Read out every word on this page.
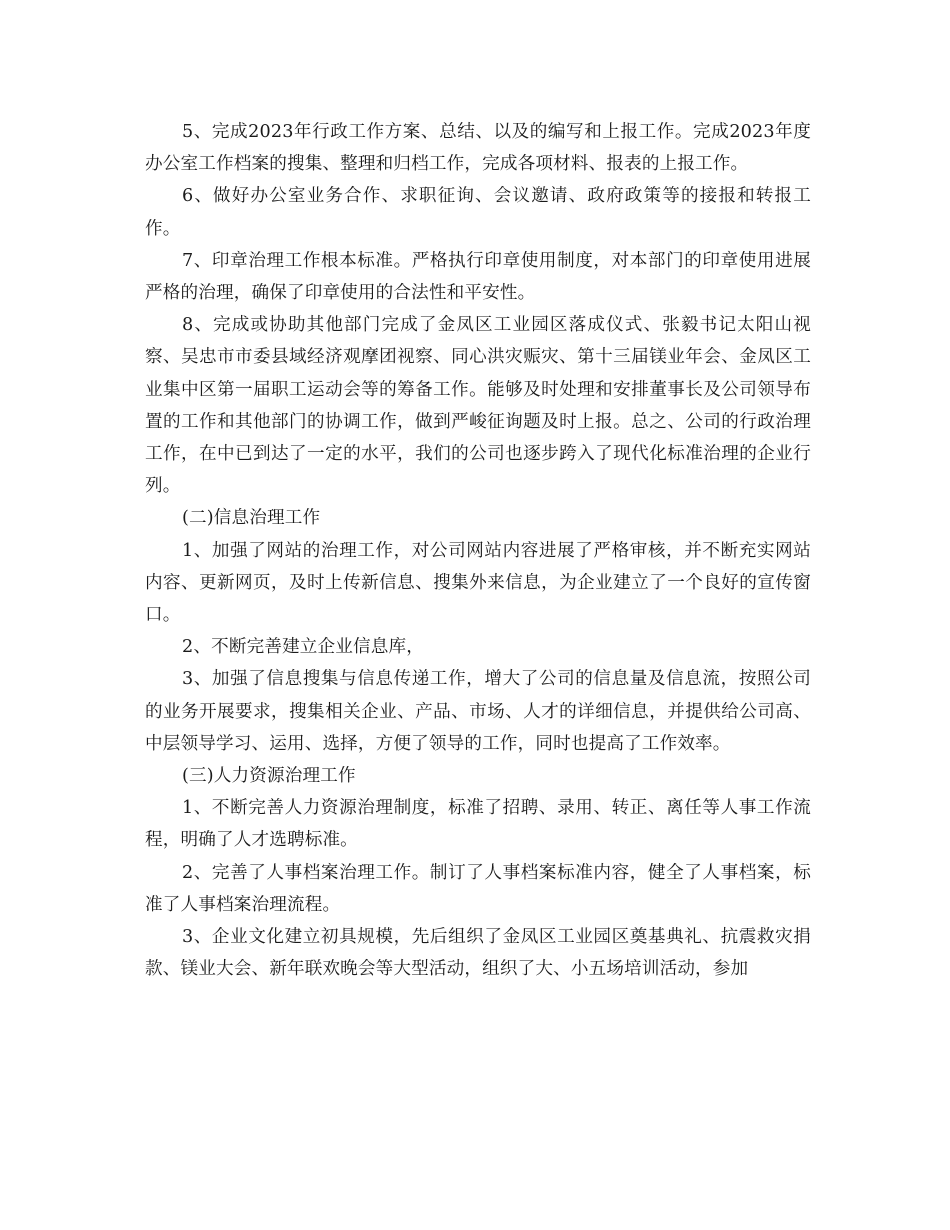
5、完成2023年行政工作方案、总结、以及的编写和上报工作。完成2023年度办公室工作档案的搜集、整理和归档工作，完成各项材料、报表的上报工作。

6、做好办公室业务合作、求职征询、会议邀请、政府政策等的接报和转报工作。

7、印章治理工作根本标准。严格执行印章使用制度，对本部门的印章使用进展严格的治理，确保了印章使用的合法性和平安性。

8、完成或协助其他部门完成了金凤区工业园区落成仪式、张毅书记太阳山视察、吴忠市市委县域经济观摩团视察、同心洪灾赈灾、第十三届镁业年会、金凤区工业集中区第一届职工运动会等的筹备工作。能够及时处理和安排董事长及公司领导布置的工作和其他部门的协调工作，做到严峻征询题及时上报。总之、公司的行政治理工作，在中已到达了一定的水平，我们的公司也逐步跨入了现代化标准治理的企业行列。

(二)信息治理工作

1、加强了网站的治理工作，对公司网站内容进展了严格审核，并不断充实网站内容、更新网页，及时上传新信息、搜集外来信息，为企业建立了一个良好的宣传窗口。

2、不断完善建立企业信息库，

3、加强了信息搜集与信息传递工作，增大了公司的信息量及信息流，按照公司的业务开展要求，搜集相关企业、产品、市场、人才的详细信息，并提供给公司高、中层领导学习、运用、选择，方便了领导的工作，同时也提高了工作效率。

(三)人力资源治理工作

1、不断完善人力资源治理制度，标准了招聘、录用、转正、离任等人事工作流程，明确了人才选聘标准。

2、完善了人事档案治理工作。制订了人事档案标准内容，健全了人事档案，标准了人事档案治理流程。

3、企业文化建立初具规模，先后组织了金凤区工业园区奠基典礼、抗震救灾捐款、镁业大会、新年联欢晚会等大型活动，组织了大、小五场培训活动，参加
